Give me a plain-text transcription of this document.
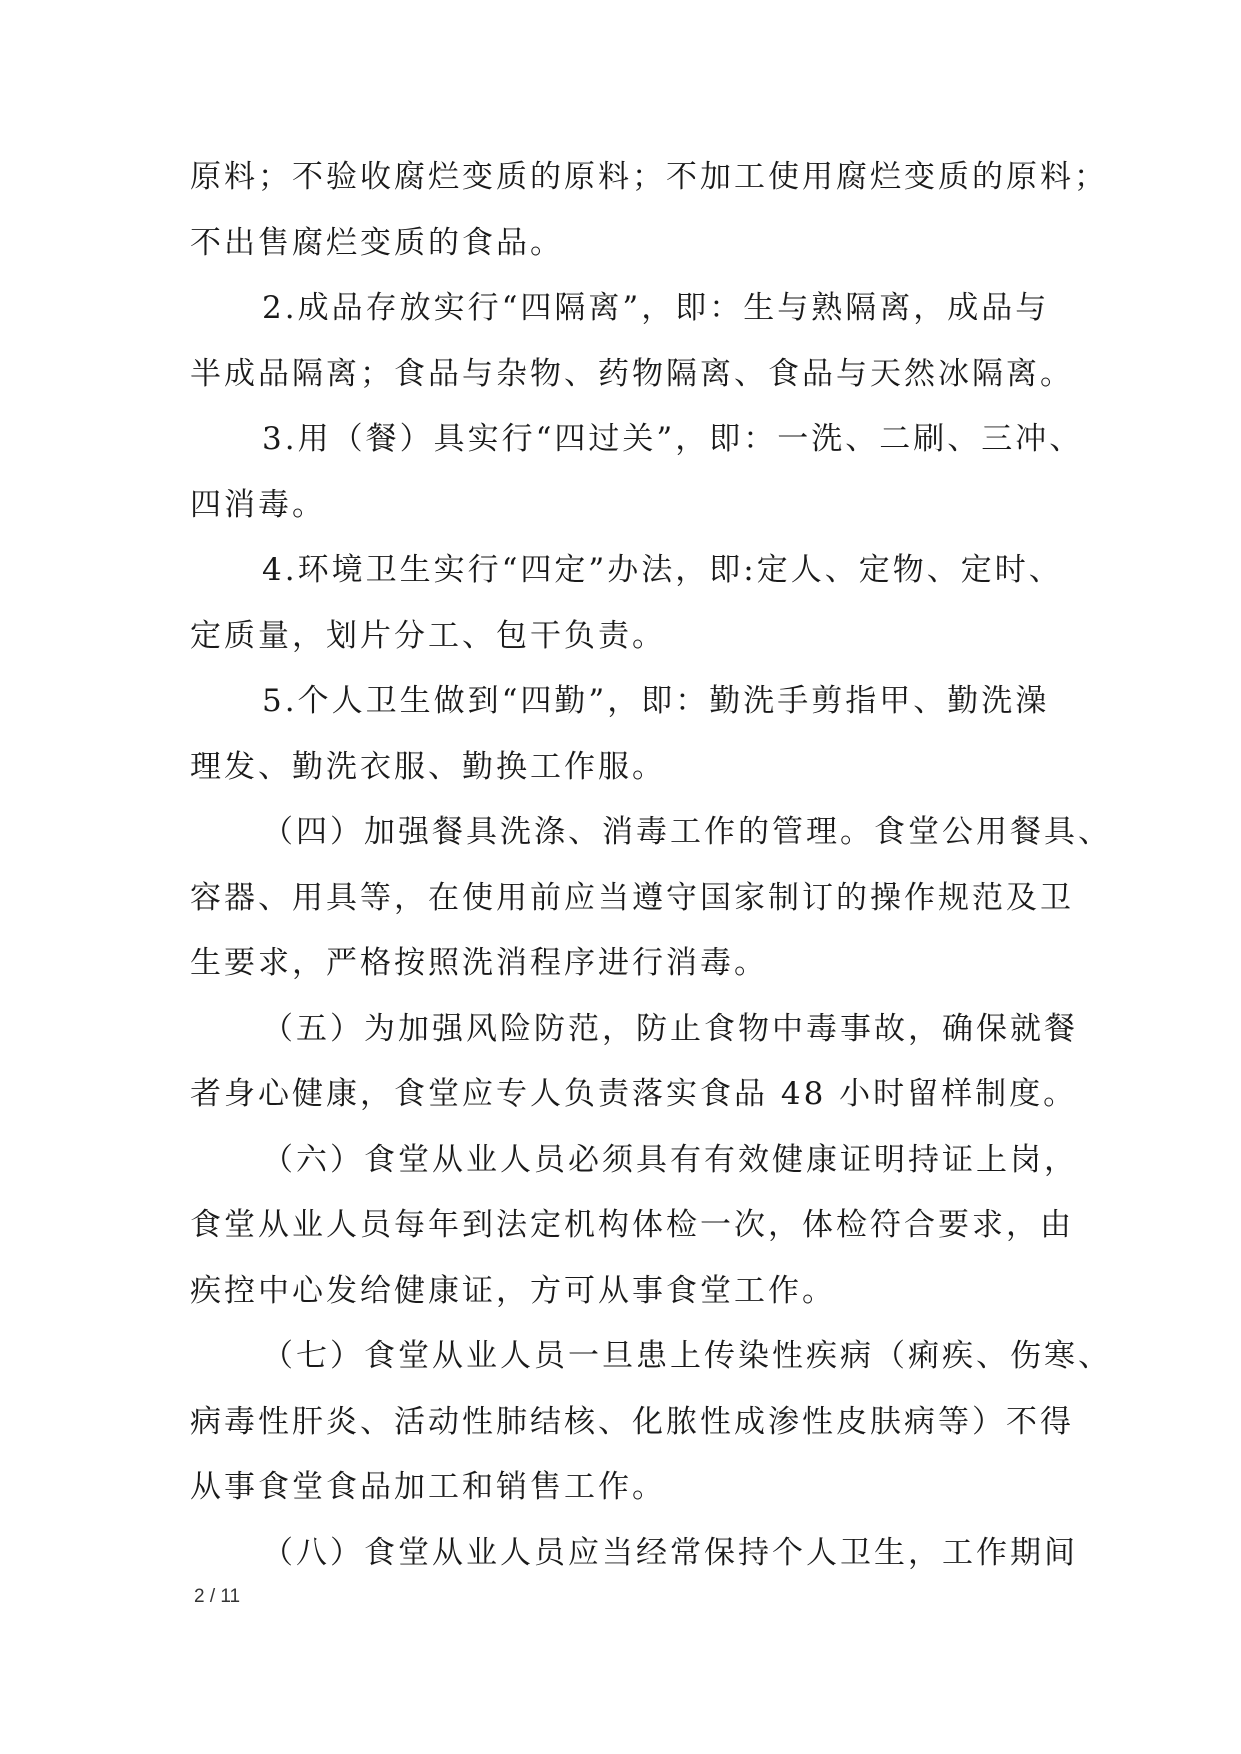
原料；不验收腐烂变质的原料；不加工使用腐烂变质的原料；
不出售腐烂变质的食品。
2.成品存放实行“四隔离”，即：生与熟隔离，成品与
半成品隔离；食品与杂物、药物隔离、食品与天然冰隔离。
3.用（餐）具实行“四过关”，即：一洗、二刷、三冲、
四消毒。
4.环境卫生实行“四定”办法，即:定人、定物、定时、
定质量，划片分工、包干负责。
5.个人卫生做到“四勤”，即：勤洗手剪指甲、勤洗澡
理发、勤洗衣服、勤换工作服。
（四）加强餐具洗涤、消毒工作的管理。食堂公用餐具、
容器、用具等，在使用前应当遵守国家制订的操作规范及卫
生要求，严格按照洗消程序进行消毒。
（五）为加强风险防范，防止食物中毒事故，确保就餐
者身心健康，食堂应专人负责落实食品 48 小时留样制度。
（六）食堂从业人员必须具有有效健康证明持证上岗，
食堂从业人员每年到法定机构体检一次，体检符合要求，由
疾控中心发给健康证，方可从事食堂工作。
（七）食堂从业人员一旦患上传染性疾病（痢疾、伤寒、
病毒性肝炎、活动性肺结核、化脓性成渗性皮肤病等）不得
从事食堂食品加工和销售工作。
（八）食堂从业人员应当经常保持个人卫生，工作期间
2 / 11
